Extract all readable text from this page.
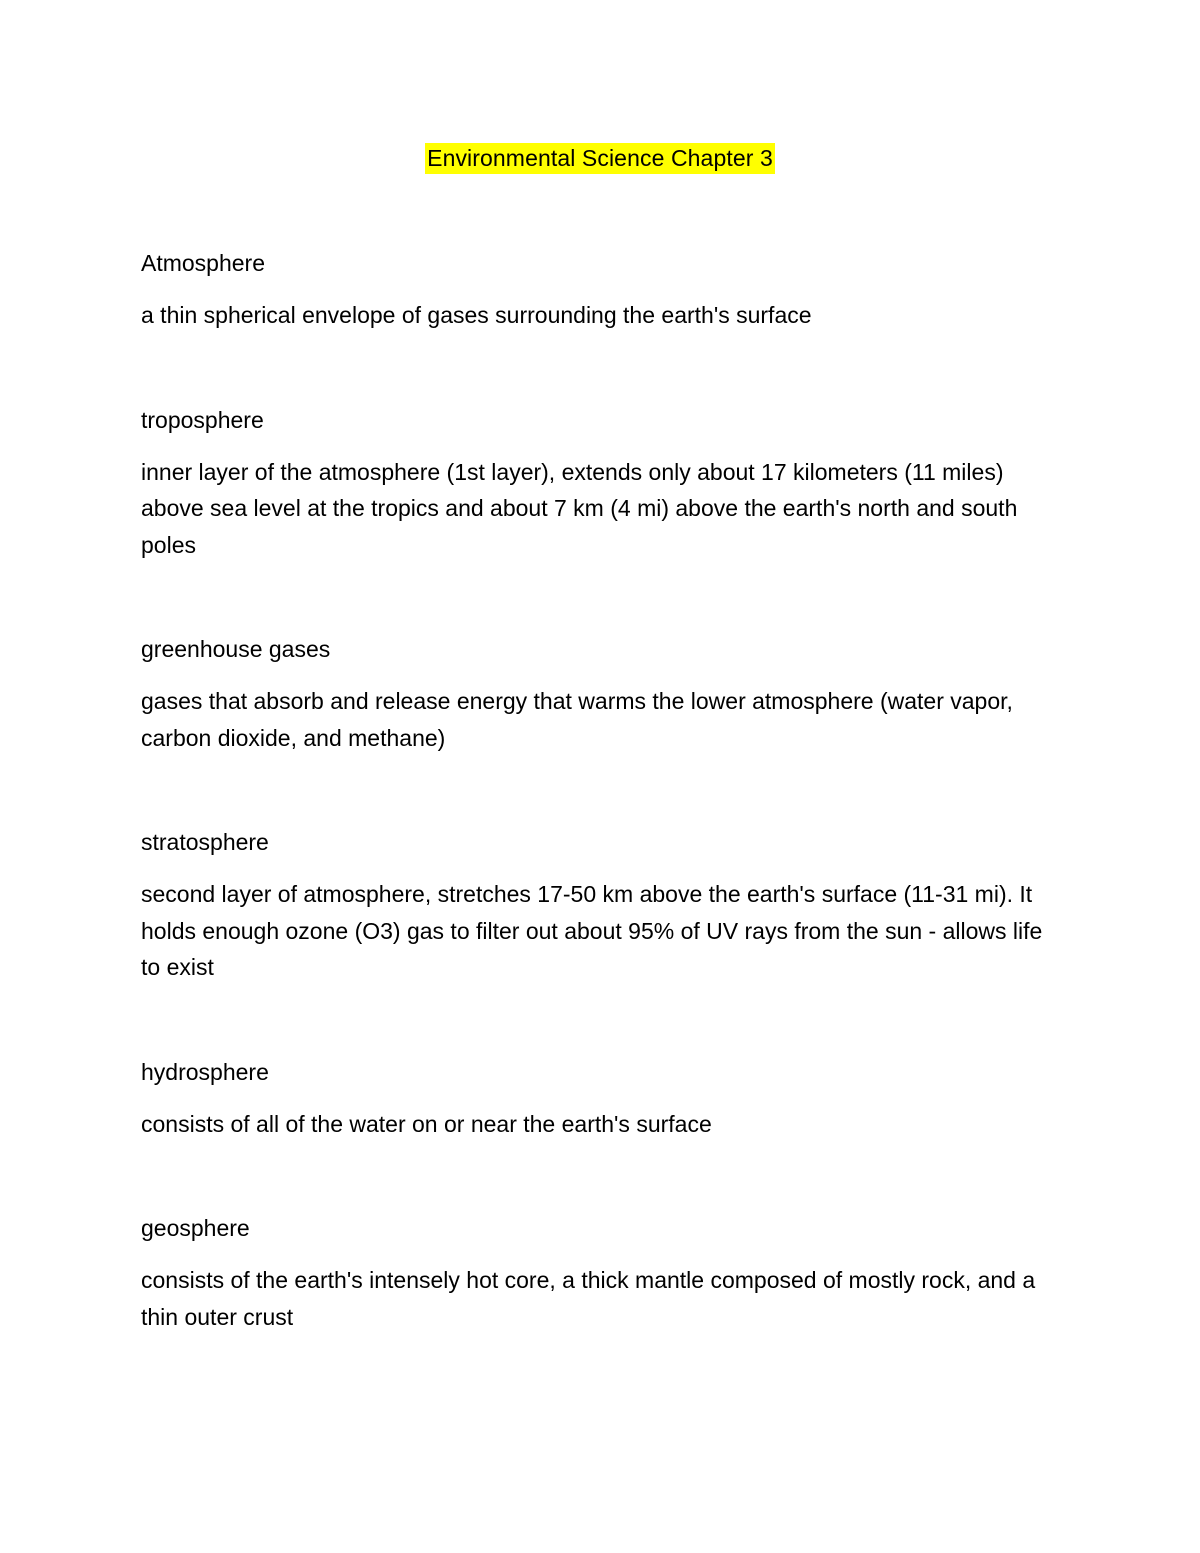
Environmental Science Chapter 3

Atmosphere

a thin spherical envelope of gases surrounding the earth's surface

troposphere

inner layer of the atmosphere (1st layer), extends only about 17 kilometers (11 miles) above sea level at the tropics and about 7 km (4 mi) above the earth's north and south poles

greenhouse gases

gases that absorb and release energy that warms the lower atmosphere (water vapor, carbon dioxide, and methane)

stratosphere

second layer of atmosphere, stretches 17-50 km above the earth's surface (11-31 mi). It holds enough ozone (O3) gas to filter out about 95% of UV rays from the sun - allows life to exist

hydrosphere

consists of all of the water on or near the earth's surface

geosphere

consists of the earth's intensely hot core, a thick mantle composed of mostly rock, and a thin outer crust
